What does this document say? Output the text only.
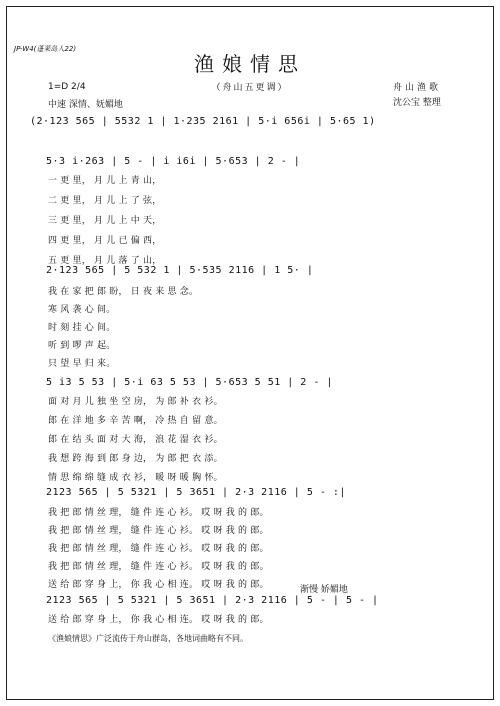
JP-W4(蓬莱岛人22)
渔娘情思
（舟山五更调）
1=D 2/4
中速 深情、妩媚地
舟山渔歌
沈公宝 整理
(2·123 565 | 5532 1 | 1·235 2161 | 5·i 656i | 5·65 1)
5·3 i·263 | 5 - | i i6i | 5·653 | 2 - |
一 更 里， 月 儿 上 青 山，
二 更 里， 月 儿 上 了 弦，
三 更 里， 月 儿 上 中 天，
四 更 里， 月 儿 已 偏 西，
五 更 里， 月 儿 落 了 山，
2·123 565 | 5 532 1 | 5·535 2116 | 1 5· |
我 在 家 把 郎 盼， 日 夜 来 思 念。
寒 风 袭 心 间。
时 刻 挂 心 间。
听 到 啰 声 起。
只 望 早 归 来。
5 i3 5 53 | 5·i 63 5 53 | 5·653 5 51 | 2 - |
面 对 月 儿 独 坐 空 房， 为 郎 补 衣 衫。
郎 在 洋 地 多 辛 苦 啊， 冷 热 自 留 意。
郎 在 结 头 面 对 大 海， 浪 花 湿 衣 衫。
我 想 跨 海 到 郎 身 边， 为 郎 把 衣 添。
情 思 绵 绵 缝 成 衣 衫， 暖 呀 暖 胸 怀。
2123 565 | 5 5321 | 5 3651 | 2·3 2116 | 5 - :|
我 把 郎 情 丝 理， 缝 件 连 心 衫。 哎 呀 我 的 郎。
我 把 郎 情 丝 理， 缝 件 连 心 衫。 哎 呀 我 的 郎。
我 把 郎 情 丝 理， 缝 件 连 心 衫。 哎 呀 我 的 郎。
我 把 郎 情 丝 理， 缝 件 连 心 衫。 哎 呀 我 的 郎。
送 给 郎 穿 身 上， 你 我 心 相 连。 哎 呀 我 的 郎。	渐慢 娇媚地
2123 565 | 5 5321 | 5 3651 | 2·3 2116 | 5 - | 5 - |
送 给 郎 穿 身 上， 你 我 心 相 连。 哎 呀 我 的 郎。
《渔娘情思》广泛流传于舟山群岛，各地词曲略有不同。
